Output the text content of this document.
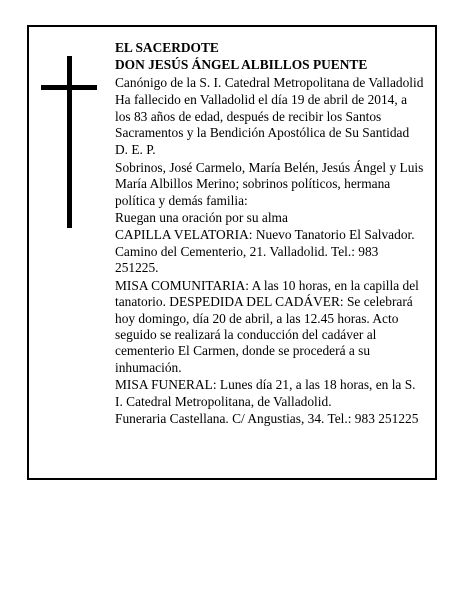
EL SACERDOTE

DON JESÚS ÁNGEL ALBILLOS PUENTE

Canónigo de la S. I. Catedral Metropolitana de Valladolid

Ha fallecido en Valladolid el día 19 de abril de 2014, a los 83 años de edad, después de recibir los Santos Sacramentos y la Bendición Apostólica de Su Santidad

D. E. P.

Sobrinos, José Carmelo, María Belén, Jesús Ángel y Luis María Albillos Merino; sobrinos políticos, hermana política y demás familia:

Ruegan una oración por su alma

CAPILLA VELATORIA: Nuevo Tanatorio El Salvador. Camino del Cementerio, 21. Valladolid. Tel.: 983 251225.

MISA COMUNITARIA: A las 10 horas, en la capilla del tanatorio. DESPEDIDA DEL CADÁVER: Se celebrará hoy domingo, día 20 de abril, a las 12.45 horas. Acto seguido se realizará la conducción del cadáver al cementerio El Carmen, donde se procederá a su inhumación.

MISA FUNERAL: Lunes día 21, a las 18 horas, en la S. I. Catedral Metropolitana, de Valladolid.

Funeraria Castellana. C/ Angustias, 34. Tel.: 983 251225
